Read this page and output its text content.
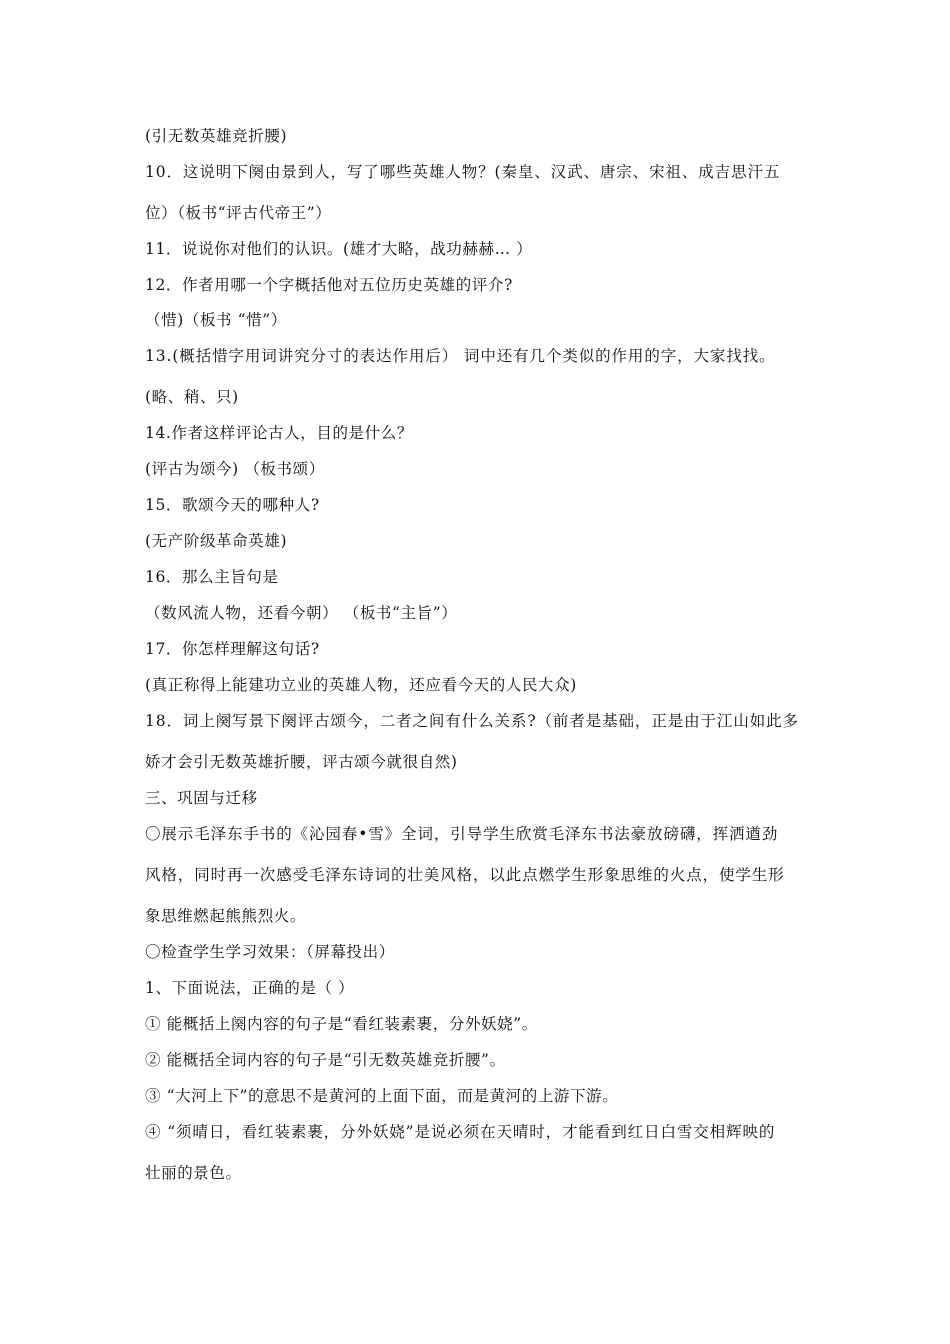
(引无数英雄竞折腰)
10．这说明下阕由景到人，写了哪些英雄人物？(秦皇、汉武、唐宗、宋祖、成吉思汗五
位）（板书“评古代帝王”）
11．说说你对他们的认识。(雄才大略，战功赫赫… ）
12．作者用哪一个字概括他对五位历史英雄的评介?
（惜)（板书 “惜”）
13.(概括惜字用词讲究分寸的表达作用后） 词中还有几个类似的作用的字，大家找找。
(略、稍、只)
14.作者这样评论古人，目的是什么？
(评古为颂今) （板书颂）
15．歌颂今天的哪种人?
(无产阶级革命英雄)
16．那么主旨句是
（数风流人物，还看今朝） （板书“主旨”）
17．你怎样理解这句话?
(真正称得上能建功立业的英雄人物，还应看今天的人民大众)
18．词上阕写景下阕评古颂今，二者之间有什么关系?（前者是基础，正是由于江山如此多
娇才会引无数英雄折腰，评古颂今就很自然)
三、巩固与迁移
〇展示毛泽东手书的《沁园春•雪》全词，引导学生欣赏毛泽东书法豪放磅礴，挥洒遒劲
风格，同时再一次感受毛泽东诗词的壮美风格，以此点燃学生形象思维的火点，使学生形
象思维燃起熊熊烈火。
〇检查学生学习效果：（屏幕投出）
1、下面说法，正确的是（ ）
① 能概括上阕内容的句子是“看红装素裹，分外妖娆”。
② 能概括全词内容的句子是“引无数英雄竞折腰”。
③ “大河上下”的意思不是黄河的上面下面，而是黄河的上游下游。
④ “须晴日，看红装素裹，分外妖娆”是说必须在天晴时，才能看到红日白雪交相辉映的
壮丽的景色。
